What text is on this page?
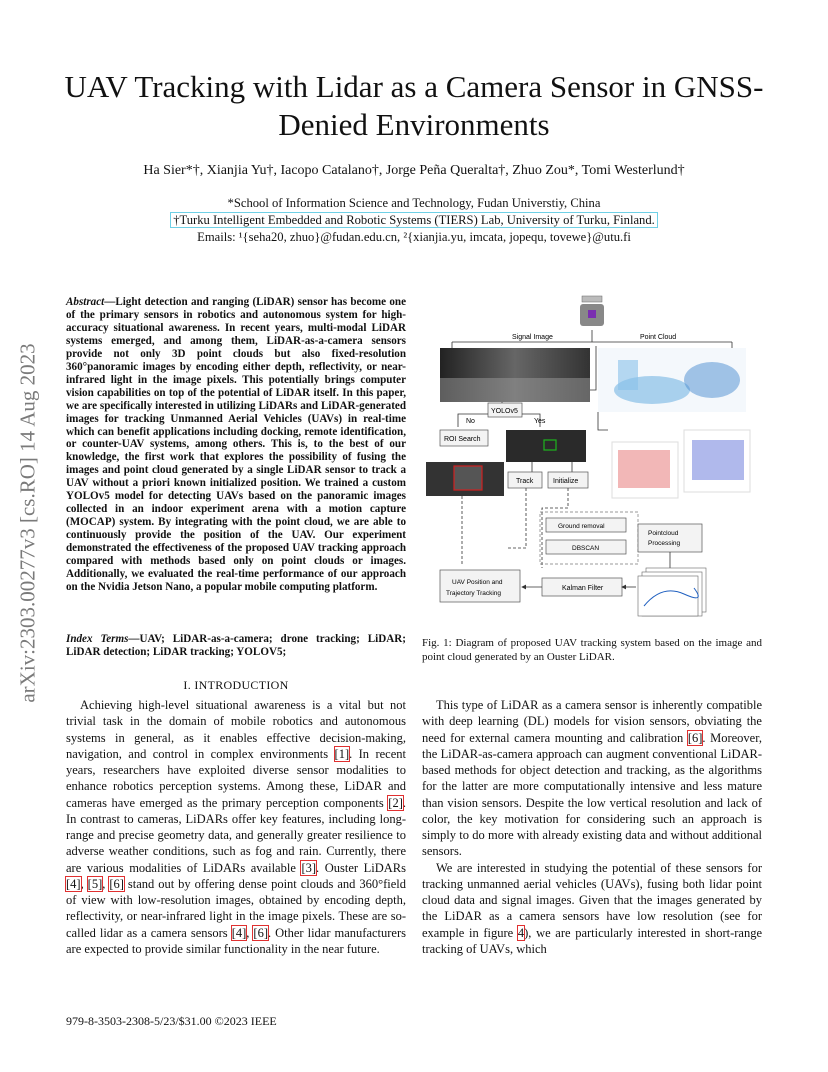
UAV Tracking with Lidar as a Camera Sensor in GNSS-Denied Environments
Ha Sier*†, Xianjia Yu†, Iacopo Catalano†, Jorge Peña Queralta†, Zhuo Zou*, Tomi Westerlund†
*School of Information Science and Technology, Fudan Universtiy, China
†Turku Intelligent Embedded and Robotic Systems (TIERS) Lab, University of Turku, Finland.
Emails: ¹{seha20, zhuo}@fudan.edu.cn, ²{xianjia.yu, imcata, jopequ, tovewe}@utu.fi
arXiv:2303.00277v3 [cs.RO] 14 Aug 2023
Abstract—Light detection and ranging (LiDAR) sensor has become one of the primary sensors in robotics and autonomous system for high-accuracy situational awareness. In recent years, multi-modal LiDAR systems emerged, and among them, LiDAR-as-a-camera sensors provide not only 3D point clouds but also fixed-resolution 360°panoramic images by encoding either depth, reflectivity, or near-infrared light in the image pixels. This potentially brings computer vision capabilities on top of the potential of LiDAR itself. In this paper, we are specifically interested in utilizing LiDARs and LiDAR-generated images for tracking Unmanned Aerial Vehicles (UAVs) in real-time which can benefit applications including docking, remote identification, or counter-UAV systems, among others. This is, to the best of our knowledge, the first work that explores the possibility of fusing the images and point cloud generated by a single LiDAR sensor to track a UAV without a priori known initialized position. We trained a custom YOLOv5 model for detecting UAVs based on the panoramic images collected in an indoor experiment arena with a motion capture (MOCAP) system. By integrating with the point cloud, we are able to continuously provide the position of the UAV. Our experiment demonstrated the effectiveness of the proposed UAV tracking approach compared with methods based only on point clouds or images. Additionally, we evaluated the real-time performance of our approach on the Nvidia Jetson Nano, a popular mobile computing platform.
Index Terms—UAV; LiDAR-as-a-camera; drone tracking; LiDAR; LiDAR detection; LiDAR tracking; YOLOV5;
I. INTRODUCTION

Achieving high-level situational awareness is a vital but not trivial task in the domain of mobile robotics and autonomous systems in general, as it enables effective decision-making, navigation, and control in complex environments [1]. In recent years, researchers have exploited diverse sensor modalities to enhance robotics perception systems. Among these, LiDAR and cameras have emerged as the primary perception components [2]. In contrast to cameras, LiDARs offer key features, including long-range and precise geometry data, and generally greater resilience to adverse weather conditions, such as fog and rain. Currently, there are various modalities of LiDARs available [3]. Ouster LiDARs [4], [5], [6] stand out by offering dense point clouds and 360°field of view with low-resolution images, obtained by encoding depth, reflectivity, or near-infrared light in the image pixels. These are so-called lidar as a camera sensors [4], [6]. Other lidar manufacturers are expected to provide similar functionality in the near future.

Signal Image	Point Cloud
YOLOv5
No	Yes
ROI Search
Track	Initialize
Ground removal
DBSCAN
Pointcloud
Processing
UAV Position and
Trajectory Tracking
Kalman Filter
Fig. 1: Diagram of proposed UAV tracking system based on the image and point cloud generated by an Ouster LiDAR.

This type of LiDAR as a camera sensor is inherently compatible with deep learning (DL) models for vision sensors, obviating the need for external camera mounting and calibration [6]. Moreover, the LiDAR-as-camera approach can augment conventional LiDAR-based methods for object detection and tracking, as the algorithms for the latter are more computationally intensive and less mature than vision sensors. Despite the low vertical resolution and lack of color, the key motivation for considering such an approach is simply to do more with already existing data and without additional sensors.

We are interested in studying the potential of these sensors for tracking unmanned aerial vehicles (UAVs), fusing both lidar point cloud data and signal images. Given that the images generated by the LiDAR as a camera sensors have low resolution (see for example in figure 4), we are particularly interested in short-range tracking of UAVs, which

979-8-3503-2308-5/23/$31.00 ©2023 IEEE
